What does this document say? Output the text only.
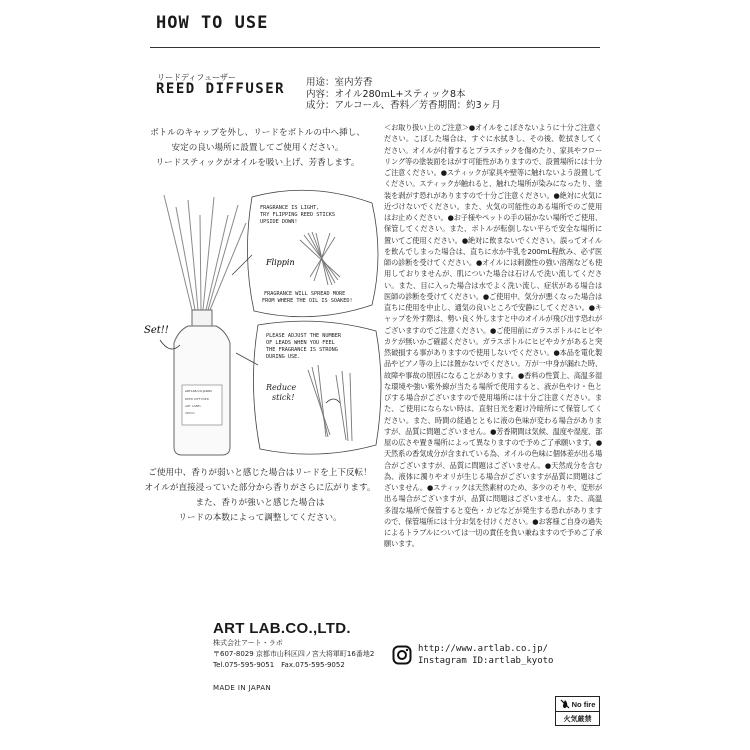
HOW TO USE
リードディフューザー
REED DIFFUSER 用途：室内芳香
内容：オイル280ｍL+スティック8本
成分：アルコール、香料／芳香期間：約3ヶ月
ボトルのキャップを外し、リードをボトルの中へ挿し、
安定の良い場所に設置してご使用ください。
リードスティックがオイルを吸い上げ、芳香します。
ARTLAB.CO.JAPAN
REED DIFFUSER
ART LABEL
280ml
Set!!
FRAGRANCE IS LIGHT, TRY FLIPPING REED STICKS UPSIDE DOWN! FRAGRANCE WILL SPREAD MORE FROM WHERE THE OIL IS SOAKED!
Flippin
PLEASE ADJUST THE NUMBER OF LEADS WHEN YOU FEEL THE FRAGRANCE IS STRONG DURING USE.
Reduce stick!
ご使用中、香りが弱いと感じた場合はリードを上下反転！
オイルが直接浸っていた部分から香りがさらに広がります。
また、香りが強いと感じた場合は
リードの本数によって調整してください。
＜お取り扱い上のご注意＞●オイルをこぼさないように十分ご注意ください。こぼした場合は、すぐに水拭きし、その後、乾拭きしてください。オイルが付着するとプラスチックを傷めたり、家具やフローリング等の塗装面をはがす可能性がありますので、設置場所には十分ご注意ください。●スティックが家具や壁等に触れないよう設置してください。スティックが触れると、触れた場所が染みになったり、塗装を剥がす恐れがありますので十分ご注意ください。●絶対に火気に近づけないでください。また、火気の可能性のある場所でのご使用はお止めください。●お子様やペットの手の届かない場所でご使用、保管してください。また、ボトルが転倒しない平らで安全な場所に置いてご使用ください。●絶対に飲まないでください。誤ってオイルを飲んでしまった場合は、直ちに水か牛乳を200mL程飲み、必ず医師の診断を受けてください。●オイルには刺激性の強い溶剤なども使用しておりませんが、肌についた場合は石けんで洗い流してください。また、目に入った場合は水でよく洗い流し、症状がある場合は医師の診断を受けてください。●ご使用中、気分が悪くなった場合は直ちに使用を中止し、通気の良いところで安静にしてください。●キャップを外す際は、勢い良く外しますと中のオイルが飛び出す恐れがございますのでご注意ください。●ご使用前にガラスボトルにヒビやカケが無いかご確認ください。ガラスボトルにヒビやカケがあると突然破損する事がありますので使用しないでください。●本品を電化製品やピアノ等の上には置かないでください。万が一中身が漏れた時、故障や事故の原因になることがあります。●香料の性質上、高温多湿な環境や強い紫外線が当たる場所で使用すると、液が色やけ・色とびする場合がございますので使用場所には十分ご注意ください。また、ご使用にならない時は、直射日光を避け冷暗所にて保管してください。また、時間の経過とともに液の色味が変わる場合がありますが、品質に問題ございません。●芳香期間は気候、温度や湿度、部屋の広さや置き場所によって異なりますので予めご了承願います。●天然系の香気成分が含まれている為、オイルの色味に個体差が出る場合がございますが、品質に問題はございません。●天然成分を含む為、液体に濁りやオリが生じる場合がございますが品質に問題はございません。●スティックは天然素材のため、多少のそりや、変形が出る場合がございますが、品質に問題はございません。また、高温多湿な場所で保管すると変色・カビなどが発生する恐れがありますので、保管場所には十分お気を付けください。●お客様ご自身の過失によるトラブルについては一切の責任を負い兼ねますので予めご了承願います。
ART LAB.CO.,LTD.
株式会社アート・ラボ
〒607-8029 京都市山科区四ノ宮大将軍町16番地2
Tel.075-595-9051　Fax.075-595-9052
MADE IN JAPAN
http://www.artlab.co.jp/
Instagram ID:artlab_kyoto
No fire
火気厳禁
